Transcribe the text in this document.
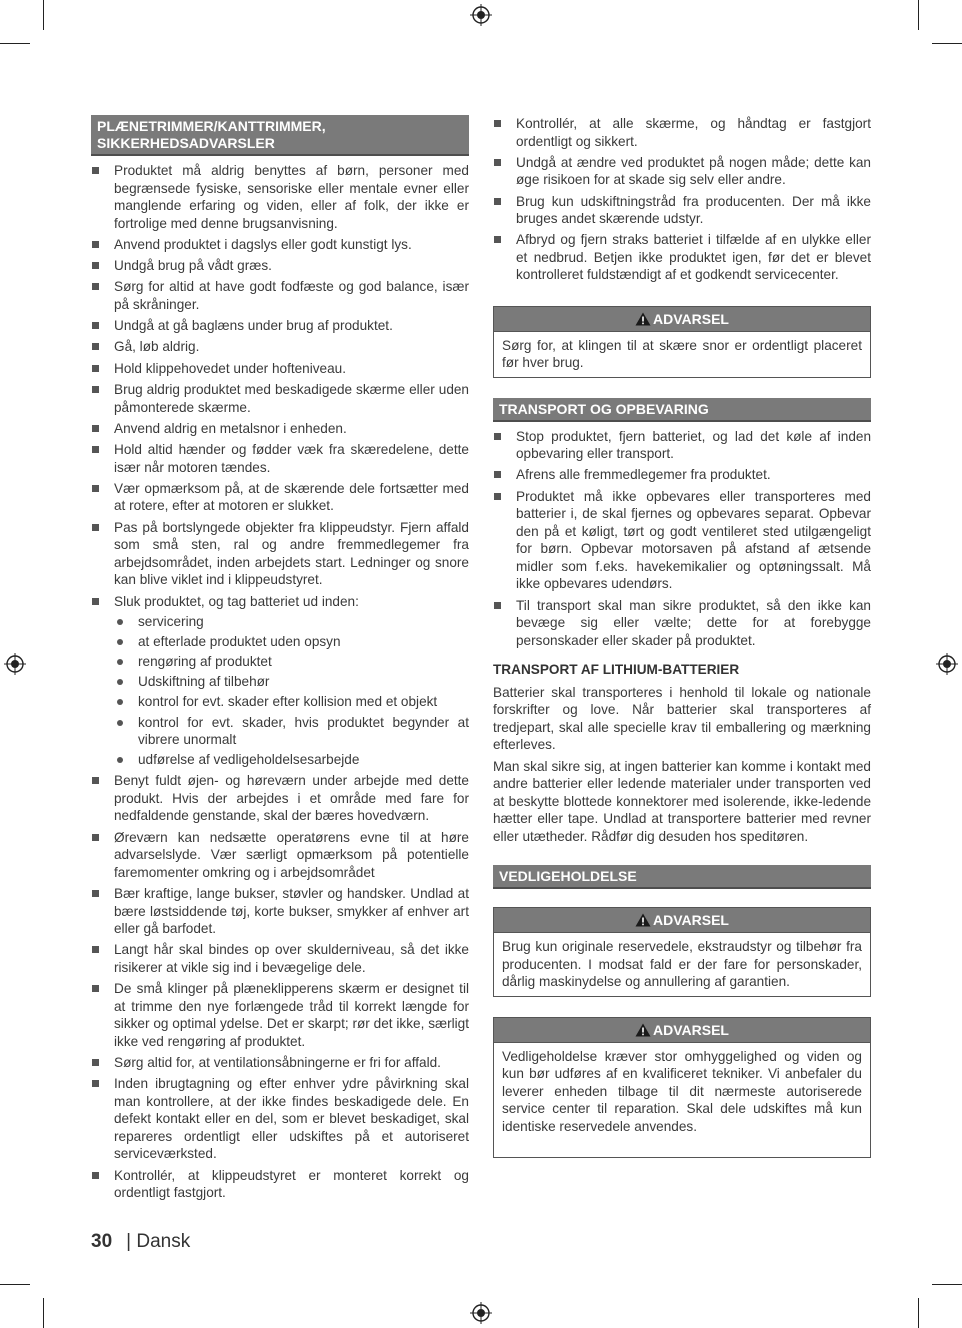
PLÆNETRIMMER/KANTTRIMMER,
SIKKERHEDSADVARSLER
Produktet må aldrig benyttes af børn, personer med begrænsede fysiske, sensoriske eller mentale evner eller manglende erfaring og viden, eller af folk, der ikke er fortrolige med denne brugsanvisning.
Anvend produktet i dagslys eller godt kunstigt lys.
Undgå brug på vådt græs.
Sørg for altid at have godt fodfæste og god balance, især på skråninger.
Undgå at gå baglæns under brug af produktet.
Gå, løb aldrig.
Hold klippehovedet under hofteniveau.
Brug aldrig produktet med beskadigede skærme eller uden påmonterede skærme.
Anvend aldrig en metalsnor i enheden.
Hold altid hænder og fødder væk fra skæredelene, dette især når motoren tændes.
Vær opmærksom på, at de skærende dele fortsætter med at rotere, efter at motoren er slukket.
Pas på bortslyngede objekter fra klippeudstyr. Fjern affald som små sten, ral og andre fremmedlegemer fra arbejdsområdet, inden arbejdets start. Ledninger og snore kan blive viklet ind i klippeudstyret.
Sluk produktet, og tag batteriet ud inden:
servicering
at efterlade produktet uden opsyn
rengøring af produktet
Udskiftning af tilbehør
kontrol for evt. skader efter kollision med et objekt
kontrol for evt. skader, hvis produktet begynder at vibrere unormalt
udførelse af vedligeholdelsesarbejde
Benyt fuldt øjen- og høreværn under arbejde med dette produkt. Hvis der arbejdes i et område med fare for nedfaldende genstande, skal der bæres hovedværn.
Øreværn kan nedsætte operatørens evne til at høre advarselslyde. Vær særligt opmærksom på potentielle faremomenter omkring og i arbejdsområdet
Bær kraftige, lange bukser, støvler og handsker. Undlad at bære løstsiddende tøj, korte bukser, smykker af enhver art eller gå barfodet.
Langt hår skal bindes op over skulderniveau, så det ikke risikerer at vikle sig ind i bevægelige dele.
De små klinger på plæneklipperens skærm er designet til at trimme den nye forlængede tråd til korrekt længde for sikker og optimal ydelse. Det er skarpt; rør det ikke, særligt ikke ved rengøring af produktet.
Sørg altid for, at ventilationsåbningerne er fri for affald.
Inden ibrugtagning og efter enhver ydre påvirkning skal man kontrollere, at der ikke findes beskadigede dele. En defekt kontakt eller en del, som er blevet beskadiget, skal repareres ordentligt eller udskiftes på et autoriseret serviceværksted.
Kontrollér, at klippeudstyret er monteret korrekt og ordentligt fastgjort.
Kontrollér, at alle skærme, og håndtag er fastgjort ordentligt og sikkert.
Undgå at ændre ved produktet på nogen måde; dette kan øge risikoen for at skade sig selv eller andre.
Brug kun udskiftningstråd fra producenten. Der må ikke bruges andet skærende udstyr.
Afbryd og fjern straks batteriet i tilfælde af en ulykke eller et nedbrud. Betjen ikke produktet igen, før det er blevet kontrolleret fuldstændigt af et godkendt servicecenter.
ADVARSEL
Sørg for, at klingen til at skære snor er ordentligt placeret før hver brug.
TRANSPORT OG OPBEVARING
Stop produktet, fjern batteriet, og lad det køle af inden opbevaring eller transport.
Afrens alle fremmedlegemer fra produktet.
Produktet må ikke opbevares eller transporteres med batterier i, de skal fjernes og opbevares separat. Opbevar den på et køligt, tørt og godt ventileret sted utilgængeligt for børn. Opbevar motorsaven på afstand af ætsende midler som f.eks. havekemikalier og optøningssalt. Må ikke opbevares udendørs.
Til transport skal man sikre produktet, så den ikke kan bevæge sig eller vælte; dette for at forebygge personskader eller skader på produktet.
TRANSPORT AF LITHIUM-BATTERIER

Batterier skal transporteres i henhold til lokale og nationale forskrifter og love. Når batterier skal transporteres af tredjepart, skal alle specielle krav til emballering og mærkning efterleves.

Man skal sikre sig, at ingen batterier kan komme i kontakt med andre batterier eller ledende materialer under transporten ved at beskytte blottede konnektorer med isolerende, ikke-ledende hætter eller tape. Undlad at transportere batterier med revner eller utætheder. Rådfør dig desuden hos speditøren.

VEDLIGEHOLDELSE
ADVARSEL
Brug kun originale reservedele, ekstraudstyr og tilbehør fra producenten. I modsat fald er der fare for personskader, dårlig maskinydelse og annullering af garantien.
ADVARSEL
Vedligeholdelse kræver stor omhyggelighed og viden og kun bør udføres af en kvalificeret tekniker. Vi anbefaler du leverer enheden tilbage til dit nærmeste autoriserede service center til reparation. Skal dele udskiftes må kun identiske reservedele anvendes.
30 | Dansk
